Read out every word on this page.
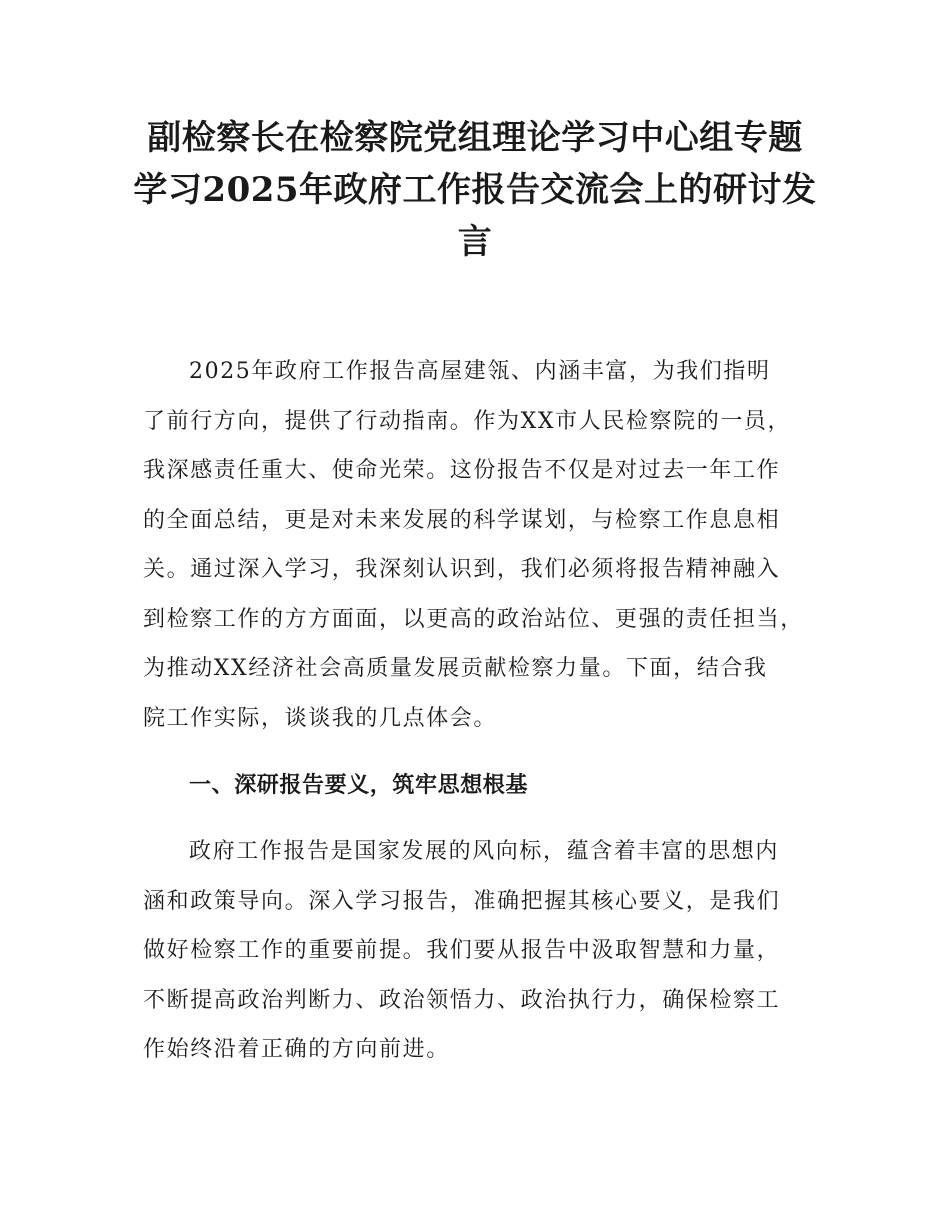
副检察长在检察院党组理论学习中心组专题
学习2025年政府工作报告交流会上的研讨发
言
2025年政府工作报告高屋建瓴、内涵丰富，为我们指明
了前行方向，提供了行动指南。作为XX市人民检察院的一员，
我深感责任重大、使命光荣。这份报告不仅是对过去一年工作
的全面总结，更是对未来发展的科学谋划，与检察工作息息相
关。通过深入学习，我深刻认识到，我们必须将报告精神融入
到检察工作的方方面面，以更高的政治站位、更强的责任担当，
为推动XX经济社会高质量发展贡献检察力量。下面，结合我
院工作实际，谈谈我的几点体会。
一、深研报告要义，筑牢思想根基
政府工作报告是国家发展的风向标，蕴含着丰富的思想内
涵和政策导向。深入学习报告，准确把握其核心要义，是我们
做好检察工作的重要前提。我们要从报告中汲取智慧和力量，
不断提高政治判断力、政治领悟力、政治执行力，确保检察工
作始终沿着正确的方向前进。
